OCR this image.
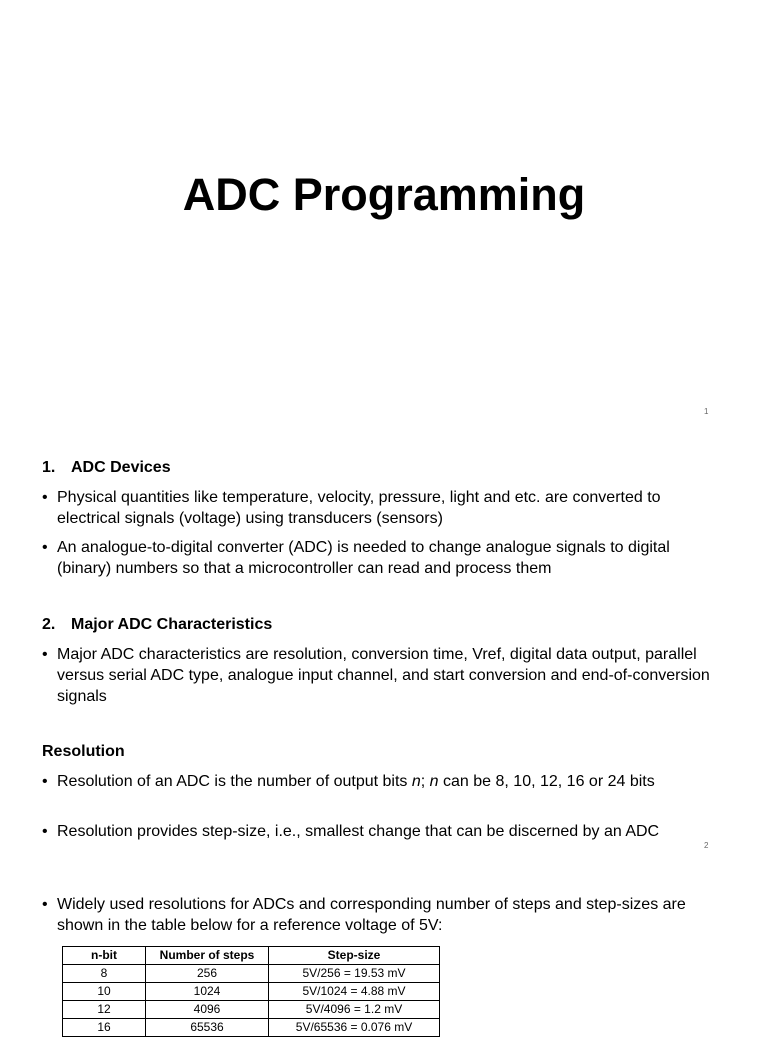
ADC Programming
1
1. ADC Devices
• Physical quantities like temperature, velocity, pressure, light and etc. are converted to electrical signals (voltage) using transducers (sensors)
• An analogue-to-digital converter (ADC) is needed to change analogue signals to digital (binary) numbers so that a microcontroller can read and process them
2. Major ADC Characteristics
• Major ADC characteristics are resolution, conversion time, Vref, digital data output, parallel versus serial ADC type, analogue input channel, and start conversion and end-of-conversion signals
Resolution
• Resolution of an ADC is the number of output bits n; n can be 8, 10, 12, 16 or 24 bits
• Resolution provides step-size, i.e., smallest change that can be discerned by an ADC
2
• Widely used resolutions for ADCs and corresponding number of steps and step-sizes are shown in the table below for a reference voltage of 5V:
n-bit	Number of steps	Step-size
8	256	5V/256 = 19.53 mV
10	1024	5V/1024 = 4.88 mV
12	4096	5V/4096 = 1.2 mV
16	65536	5V/65536 = 0.076 mV
